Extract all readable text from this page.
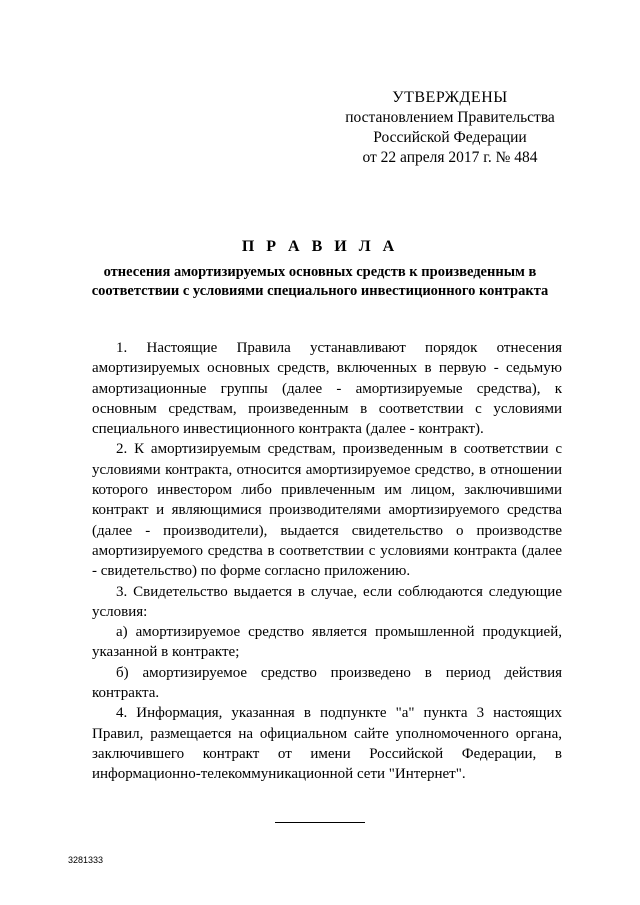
УТВЕРЖДЕНЫ
постановлением Правительства
Российской Федерации
от 22 апреля 2017 г. № 484
П Р А В И Л А
отнесения амортизируемых основных средств к произведенным в соответствии с условиями специального инвестиционного контракта

1. Настоящие Правила устанавливают порядок отнесения амортизируемых основных средств, включенных в первую - седьмую амортизационные группы (далее - амортизируемые средства), к основным средствам, произведенным в соответствии с условиями специального инвестиционного контракта (далее - контракт).

2. К амортизируемым средствам, произведенным в соответствии с условиями контракта, относится амортизируемое средство, в отношении которого инвестором либо привлеченным им лицом, заключившими контракт и являющимися производителями амортизируемого средства (далее - производители), выдается свидетельство о производстве амортизируемого средства в соответствии с условиями контракта (далее - свидетельство) по форме согласно приложению.

3. Свидетельство выдается в случае, если соблюдаются следующие условия:

а) амортизируемое средство является промышленной продукцией, указанной в контракте;

б) амортизируемое средство произведено в период действия контракта.

4. Информация, указанная в подпункте "а" пункта 3 настоящих Правил, размещается на официальном сайте уполномоченного органа, заключившего контракт от имени Российской Федерации, в информационно-телекоммуникационной сети "Интернет".

3281333
